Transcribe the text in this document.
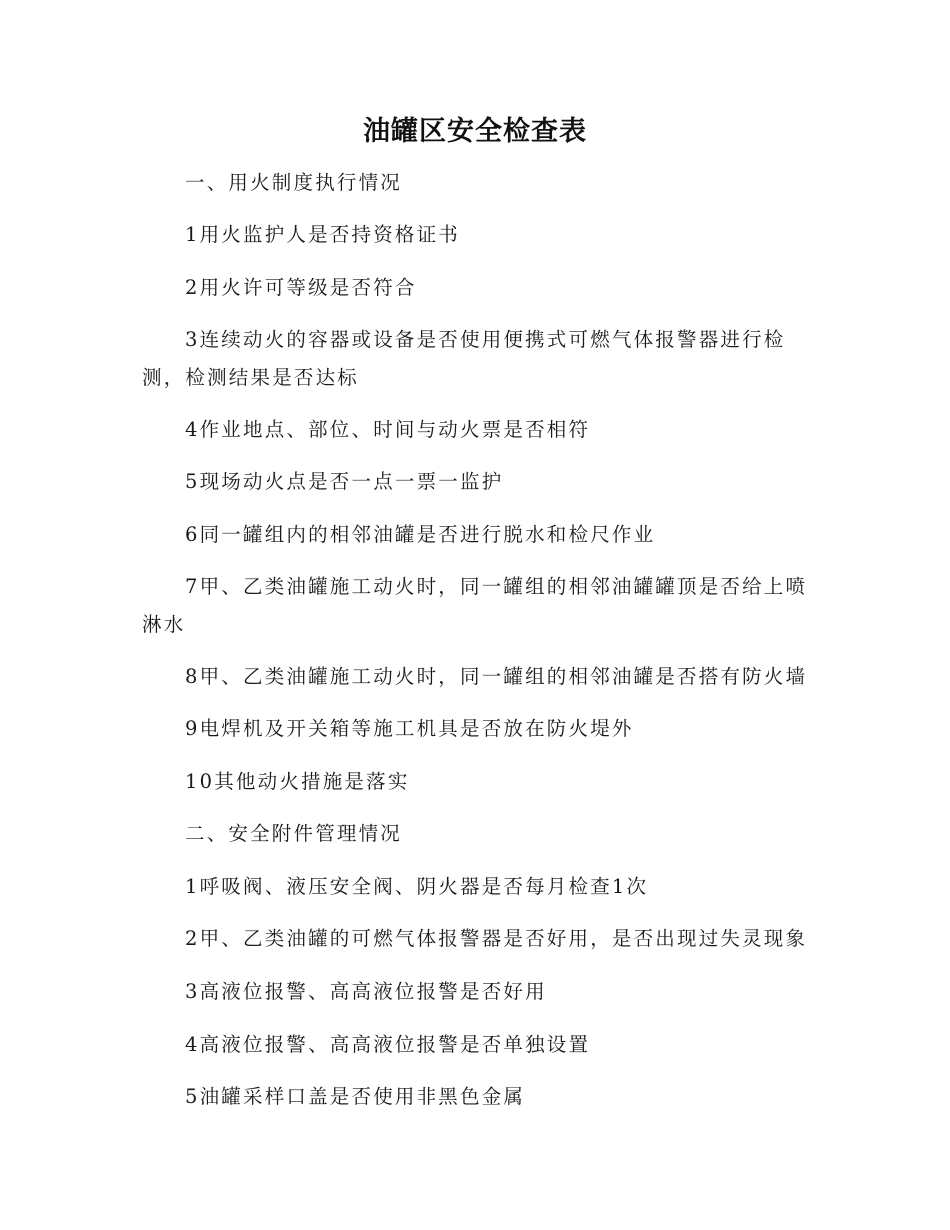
油罐区安全检查表
一、用火制度执行情况
1用火监护人是否持资格证书
2用火许可等级是否符合
3连续动火的容器或设备是否使用便携式可燃气体报警器进行检测，检测结果是否达标
4作业地点、部位、时间与动火票是否相符
5现场动火点是否一点一票一监护
6同一罐组内的相邻油罐是否进行脱水和检尺作业
7甲、乙类油罐施工动火时，同一罐组的相邻油罐罐顶是否给上喷淋水
8甲、乙类油罐施工动火时，同一罐组的相邻油罐是否搭有防火墙
9电焊机及开关箱等施工机具是否放在防火堤外
10其他动火措施是落实
二、安全附件管理情况
1呼吸阀、液压安全阀、阴火器是否每月检查1次
2甲、乙类油罐的可燃气体报警器是否好用，是否出现过失灵现象
3高液位报警、高高液位报警是否好用
4高液位报警、高高液位报警是否单独设置
5油罐采样口盖是否使用非黑色金属
